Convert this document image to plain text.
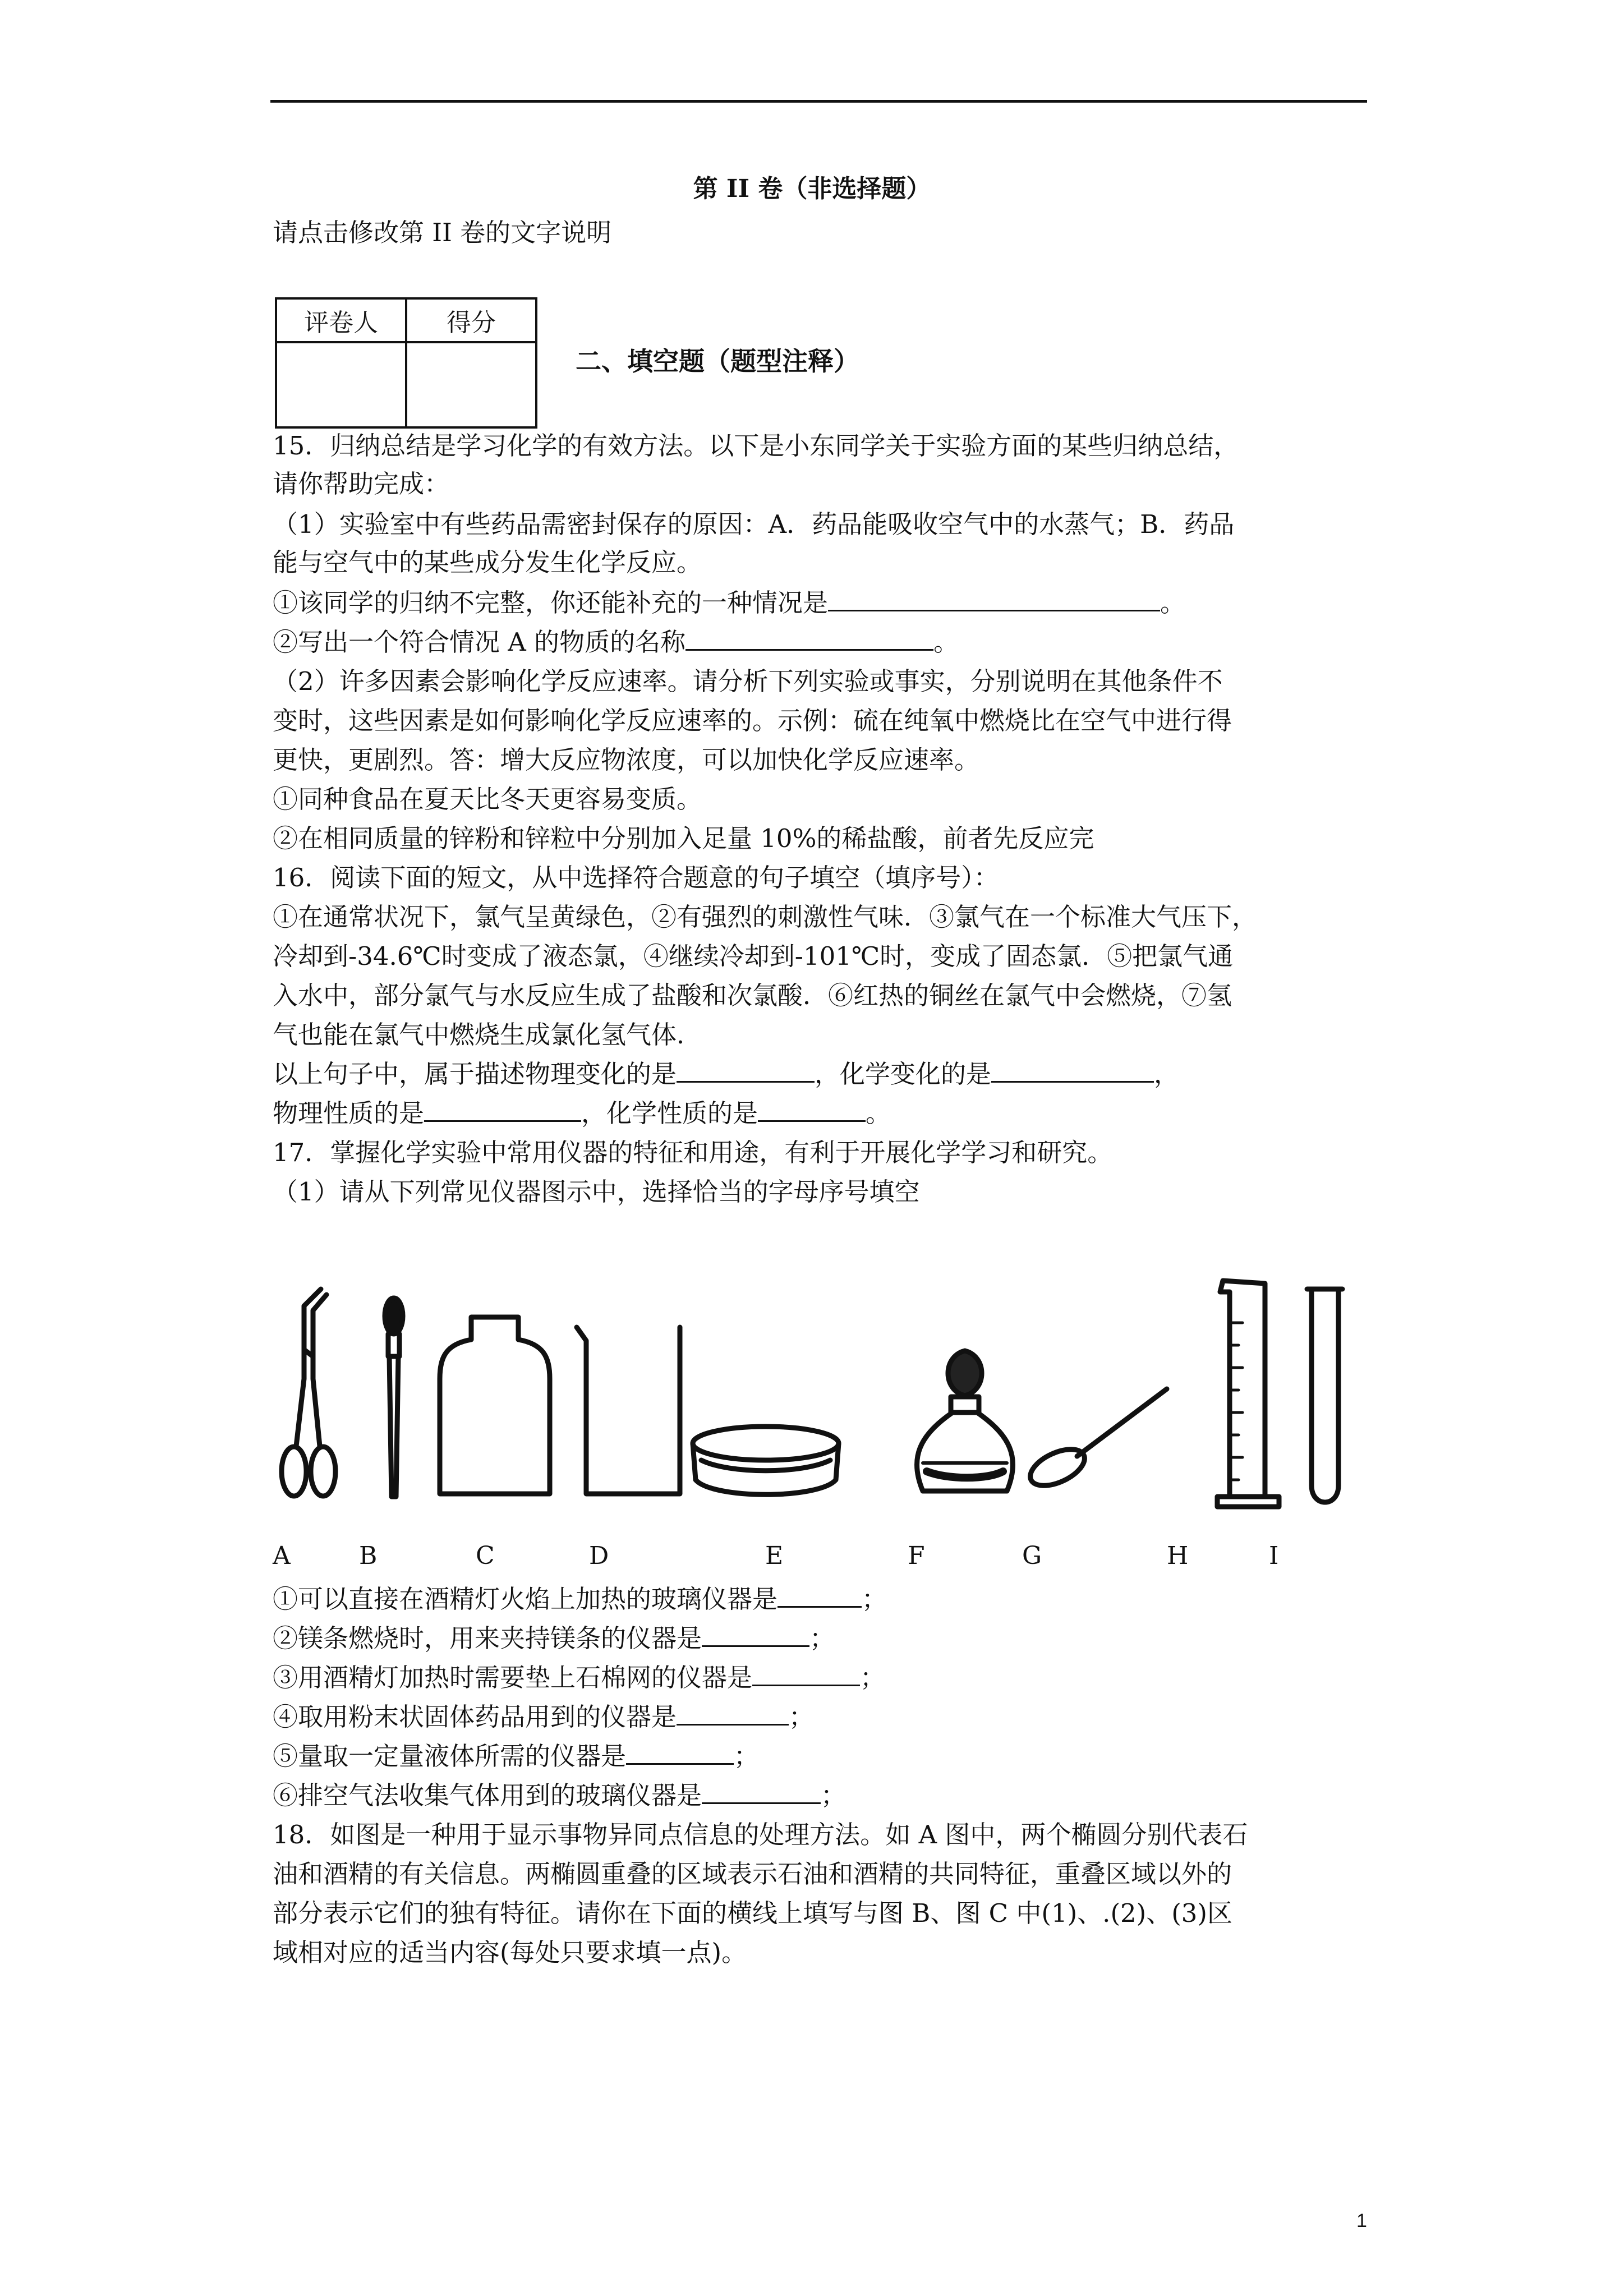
第 II 卷（非选择题）
请点击修改第 II 卷的文字说明
评卷人	得分

二、填空题（题型注释）
15．归纳总结是学习化学的有效方法。以下是小东同学关于实验方面的某些归纳总结，
请你帮助完成：
（1）实验室中有些药品需密封保存的原因：A．药品能吸收空气中的水蒸气；B．药品
能与空气中的某些成分发生化学反应。
①该同学的归纳不完整，你还能补充的一种情况是	。
②写出一个符合情况 A 的物质的名称	。
（2）许多因素会影响化学反应速率。请分析下列实验或事实，分别说明在其他条件不
变时，这些因素是如何影响化学反应速率的。示例：硫在纯氧中燃烧比在空气中进行得
更快，更剧烈。答：增大反应物浓度，可以加快化学反应速率。
①同种食品在夏天比冬天更容易变质。
②在相同质量的锌粉和锌粒中分别加入足量 10%的稀盐酸，前者先反应完
16．阅读下面的短文，从中选择符合题意的句子填空（填序号）：
①在通常状况下，氯气呈黄绿色，②有强烈的刺激性气味．③氯气在一个标准大气压下，
冷却到-34.6℃时变成了液态氯，④继续冷却到-101℃时，变成了固态氯．⑤把氯气通
入水中，部分氯气与水反应生成了盐酸和次氯酸．⑥红热的铜丝在氯气中会燃烧，⑦氢
气也能在氯气中燃烧生成氯化氢气体．
以上句子中，属于描述物理变化的是	，化学变化的是	，
物理性质的是	，化学性质的是	。
17．掌握化学实验中常用仪器的特征和用途，有利于开展化学学习和研究。
（1）请从下列常见仪器图示中，选择恰当的字母序号填空
A	B	C	D	E	F	G	H	I
①可以直接在酒精灯火焰上加热的玻璃仪器是	；
②镁条燃烧时，用来夹持镁条的仪器是	；
③用酒精灯加热时需要垫上石棉网的仪器是	；
④取用粉末状固体药品用到的仪器是	；
⑤量取一定量液体所需的仪器是	；
⑥排空气法收集气体用到的玻璃仪器是	；
18．如图是一种用于显示事物异同点信息的处理方法。如 A 图中，两个椭圆分别代表石
油和酒精的有关信息。两椭圆重叠的区域表示石油和酒精的共同特征，重叠区域以外的
部分表示它们的独有特征。请你在下面的横线上填写与图 B、图 C 中(1)、.(2)、(3)区
域相对应的适当内容(每处只要求填一点)。
1
